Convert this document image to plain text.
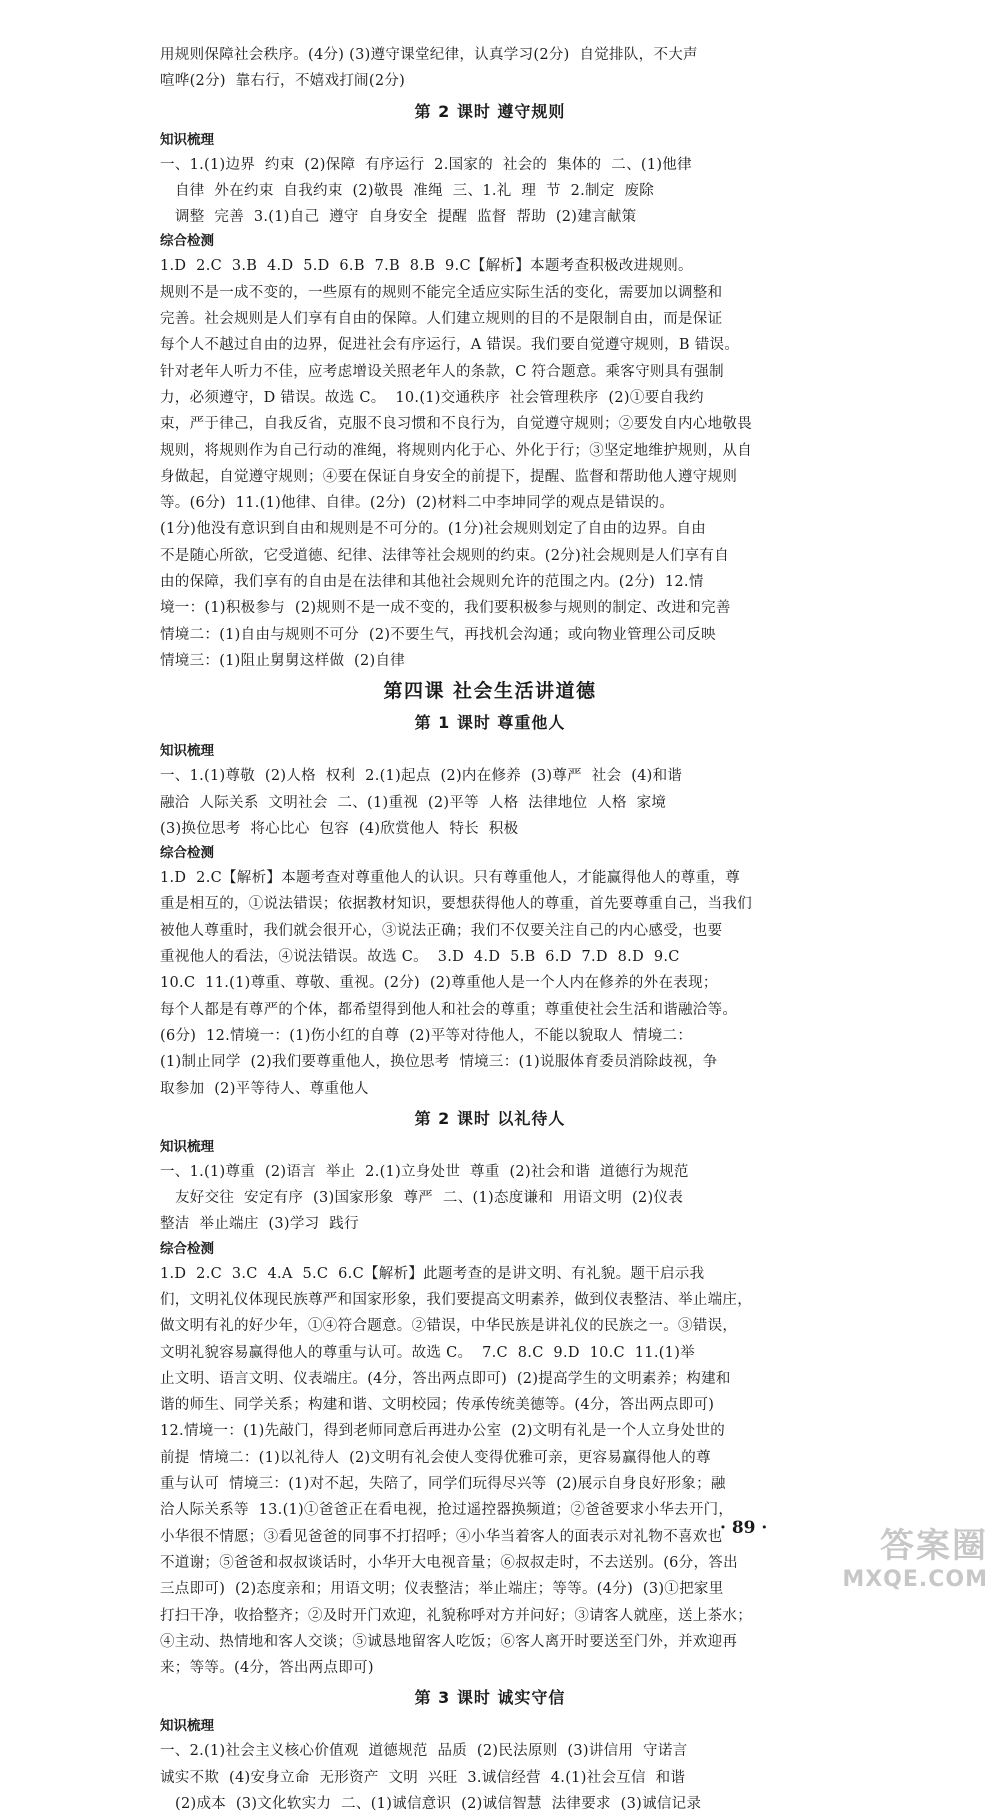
用规则保障社会秩序。(4分) (3)遵守课堂纪律，认真学习(2分)  自觉排队，不大声
喧哗(2分)  靠右行，不嬉戏打闹(2分)
第 2 课时 遵守规则
知识梳理
一、1.(1)边界  约束  (2)保障  有序运行  2.国家的  社会的  集体的  二、(1)他律
自律  外在约束  自我约束  (2)敬畏  准绳  三、1.礼  理  节  2.制定  废除
调整  完善  3.(1)自己  遵守  自身安全  提醒  监督  帮助  (2)建言献策
综合检测
1.D  2.C  3.B  4.D  5.D  6.B  7.B  8.B  9.C【解析】本题考查积极改进规则。
规则不是一成不变的，一些原有的规则不能完全适应实际生活的变化，需要加以调整和
完善。社会规则是人们享有自由的保障。人们建立规则的目的不是限制自由，而是保证
每个人不越过自由的边界，促进社会有序运行，A 错误。我们要自觉遵守规则，B 错误。
针对老年人听力不佳，应考虑增设关照老年人的条款，C 符合题意。乘客守则具有强制
力，必须遵守，D 错误。故选 C。  10.(1)交通秩序  社会管理秩序  (2)①要自我约
束，严于律己，自我反省，克服不良习惯和不良行为，自觉遵守规则；②要发自内心地敬畏
规则，将规则作为自己行动的准绳，将规则内化于心、外化于行；③坚定地维护规则，从自
身做起，自觉遵守规则；④要在保证自身安全的前提下，提醒、监督和帮助他人遵守规则
等。(6分)  11.(1)他律、自律。(2分)  (2)材料二中李坤同学的观点是错误的。
(1分)他没有意识到自由和规则是不可分的。(1分)社会规则划定了自由的边界。自由
不是随心所欲，它受道德、纪律、法律等社会规则的约束。(2分)社会规则是人们享有自
由的保障，我们享有的自由是在法律和其他社会规则允许的范围之内。(2分)  12.情
境一：(1)积极参与  (2)规则不是一成不变的，我们要积极参与规则的制定、改进和完善
情境二：(1)自由与规则不可分  (2)不要生气，再找机会沟通；或向物业管理公司反映
情境三：(1)阻止舅舅这样做  (2)自律
第四课 社会生活讲道德
第 1 课时 尊重他人
知识梳理
一、1.(1)尊敬  (2)人格  权利  2.(1)起点  (2)内在修养  (3)尊严  社会  (4)和谐
融洽  人际关系  文明社会  二、(1)重视  (2)平等  人格  法律地位  人格  家境
(3)换位思考  将心比心  包容  (4)欣赏他人  特长  积极
综合检测
1.D  2.C【解析】本题考查对尊重他人的认识。只有尊重他人，才能赢得他人的尊重，尊
重是相互的，①说法错误；依据教材知识，要想获得他人的尊重，首先要尊重自己，当我们
被他人尊重时，我们就会很开心，③说法正确；我们不仅要关注自己的内心感受，也要
重视他人的看法，④说法错误。故选 C。  3.D  4.D  5.B  6.D  7.D  8.D  9.C
10.C  11.(1)尊重、尊敬、重视。(2分)  (2)尊重他人是一个人内在修养的外在表现；
每个人都是有尊严的个体，都希望得到他人和社会的尊重；尊重使社会生活和谐融洽等。
(6分)  12.情境一：(1)伤小红的自尊  (2)平等对待他人，不能以貌取人  情境二：
(1)制止同学  (2)我们要尊重他人，换位思考  情境三：(1)说服体育委员消除歧视，争
取参加  (2)平等待人、尊重他人
第 2 课时 以礼待人
知识梳理
一、1.(1)尊重  (2)语言  举止  2.(1)立身处世  尊重  (2)社会和谐  道德行为规范
友好交往  安定有序  (3)国家形象  尊严  二、(1)态度谦和  用语文明  (2)仪表
整洁  举止端庄  (3)学习  践行
综合检测
1.D  2.C  3.C  4.A  5.C  6.C【解析】此题考查的是讲文明、有礼貌。题干启示我
们，文明礼仪体现民族尊严和国家形象，我们要提高文明素养，做到仪表整洁、举止端庄，
做文明有礼的好少年，①④符合题意。②错误，中华民族是讲礼仪的民族之一。③错误，
文明礼貌容易赢得他人的尊重与认可。故选 C。  7.C  8.C  9.D  10.C  11.(1)举
止文明、语言文明、仪表端庄。(4分，答出两点即可)  (2)提高学生的文明素养；构建和
谐的师生、同学关系；构建和谐、文明校园；传承传统美德等。(4分，答出两点即可)
12.情境一：(1)先敲门，得到老师同意后再进办公室  (2)文明有礼是一个人立身处世的
前提  情境二：(1)以礼待人  (2)文明有礼会使人变得优雅可亲，更容易赢得他人的尊
重与认可  情境三：(1)对不起，失陪了，同学们玩得尽兴等  (2)展示自身良好形象；融
洽人际关系等  13.(1)①爸爸正在看电视，抢过遥控器换频道；②爸爸要求小华去开门，
小华很不情愿；③看见爸爸的同事不打招呼；④小华当着客人的面表示对礼物不喜欢也
不道谢；⑤爸爸和叔叔谈话时，小华开大电视音量；⑥叔叔走时，不去送别。(6分，答出
三点即可)  (2)态度亲和；用语文明；仪表整洁；举止端庄；等等。(4分)  (3)①把家里
打扫干净，收拾整齐；②及时开门欢迎，礼貌称呼对方并问好；③请客人就座，送上茶水；
④主动、热情地和客人交谈；⑤诚恳地留客人吃饭；⑥客人离开时要送至门外，并欢迎再
来；等等。(4分，答出两点即可)
第 3 课时 诚实守信
知识梳理
一、2.(1)社会主义核心价值观  道德规范  品质  (2)民法原则  (3)讲信用  守诺言
诚实不欺  (4)安身立命  无形资产  文明  兴旺  3.诚信经营  4.(1)社会互信  和谐
(2)成本  (3)文化软实力  二、(1)诚信意识  (2)诚信智慧  法律要求  (3)诚信记录
· 89 ·	答案圈
MXQE.COM
